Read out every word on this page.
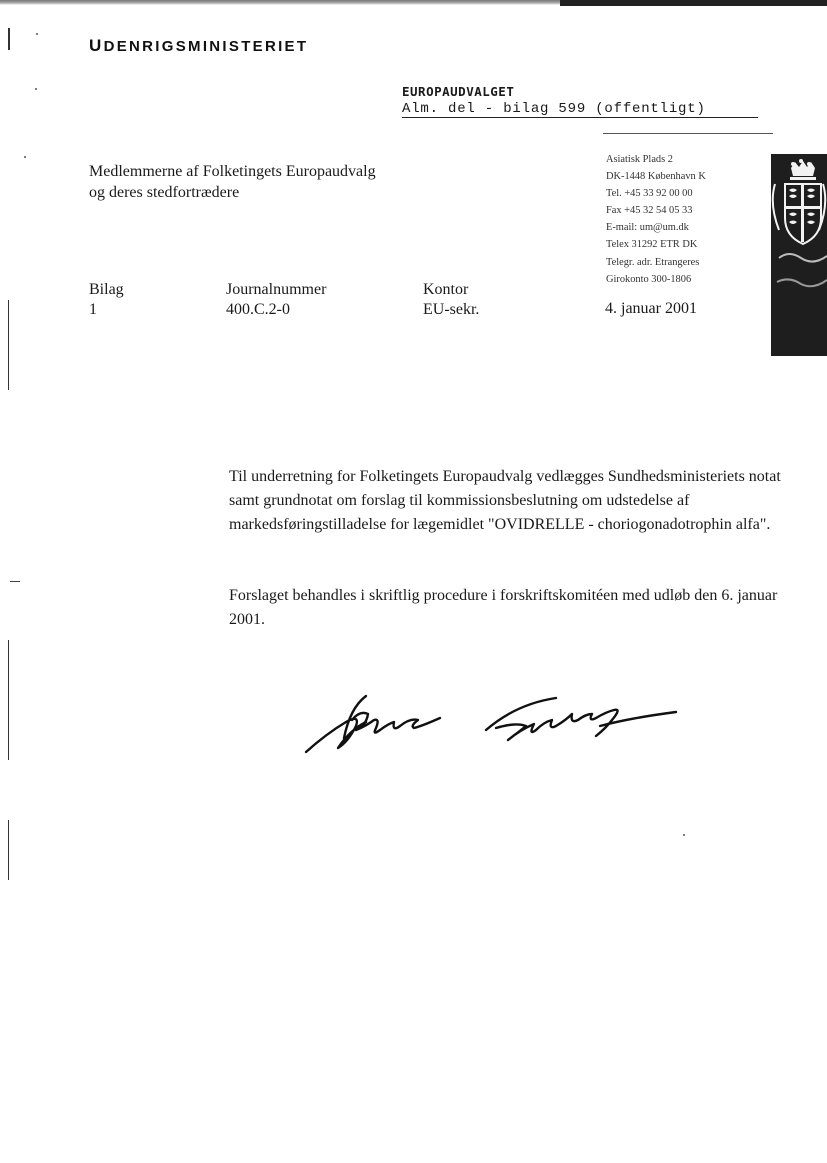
UDENRIGSMINISTERIET
EUROPAUDVALGET
Alm. del - bilag 599 (offentligt)
Medlemmerne af Folketingets Europaudvalg
og deres stedfortrædere
Asiatisk Plads 2
DK-1448 København K
Tel. +45 33 92 00 00
Fax +45 32 54 05 33
E-mail: um@um.dk
Telex 31292 ETR DK
Telegr. adr. Etrangeres
Girokonto 300-1806
Bilag
1
Journalnummer
400.C.2-0
Kontor
EU-sekr.	4. januar 2001
Til underretning for Folketingets Europaudvalg vedlægges Sundhedsministeriets notat samt grundnotat om forslag til kommissionsbeslutning om udstedelse af markedsføringstilladelse for lægemidlet "OVIDRELLE - choriogonadotrophin alfa".
Forslaget behandles i skriftlig procedure i forskriftskomitéen med udløb den 6. januar 2001.
